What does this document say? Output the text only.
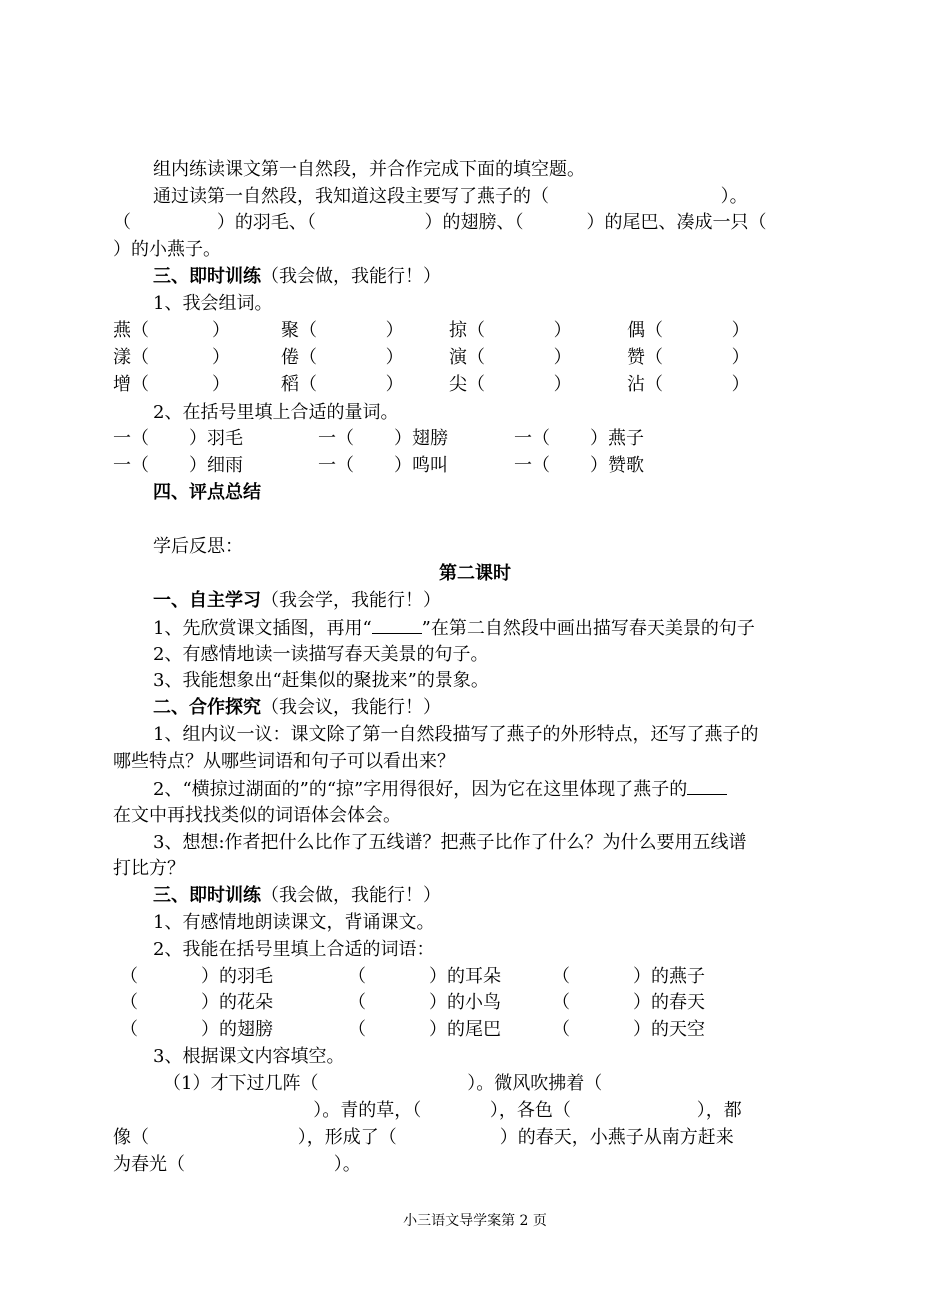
组内练读课文第一自然段，并合作完成下面的填空题。

通过读第一自然段，我知道这段主要写了燕子的（                              ）。

（               ）的羽毛、（                   ）的翅膀、（           ）的尾巴、凑成一只（

）的小燕子。

三、即时训练（我会做，我能行！）

1、我会组词。

燕（           ）	聚（            ）	掠（            ）	偶（            ）
漾（           ）	倦（            ）	演（            ）	赞（            ）
增（           ）	稻（            ）	尖（            ）	沾（            ）

2、在括号里填上合适的量词。

一（       ）羽毛	一（       ）翅膀	一（       ）燕子
一（       ）细雨	一（       ）鸣叫	一（       ）赞歌

四、评点总结

学后反思：

第二课时

一、自主学习（我会学，我能行！）

1、先欣赏课文插图，再用“	”在第二自然段中画出描写春天美景的句子

2、有感情地读一读描写春天美景的句子。

3、我能想象出“赶集似的聚拢来”的景象。

二、合作探究（我会议，我能行！）

1、组内议一议：课文除了第一自然段描写了燕子的外形特点，还写了燕子的

哪些特点？从哪些词语和句子可以看出来？

2、“横掠过湖面的”的“掠”字用得很好，因为它在这里体现了燕子的

在文中再找找类似的词语体会体会。

3、想想:作者把什么比作了五线谱？把燕子比作了什么？为什么要用五线谱

打比方？

三、即时训练（我会做，我能行！）

1、有感情地朗读课文，背诵课文。

2、我能在括号里填上合适的词语：

（           ）的羽毛	（           ）的耳朵	（           ）的燕子
（           ）的花朵	（           ）的小鸟	（           ）的春天
（           ）的翅膀	（           ）的尾巴	（           ）的天空

3、根据课文内容填空。

（1）才下过几阵（                          ）。微风吹拂着（

）。青的草，（            ），各色（                      ），都

像（                          ），形成了（                  ）的春天，小燕子从南方赶来

为春光（                          ）。

小三语文导学案第 2 页
